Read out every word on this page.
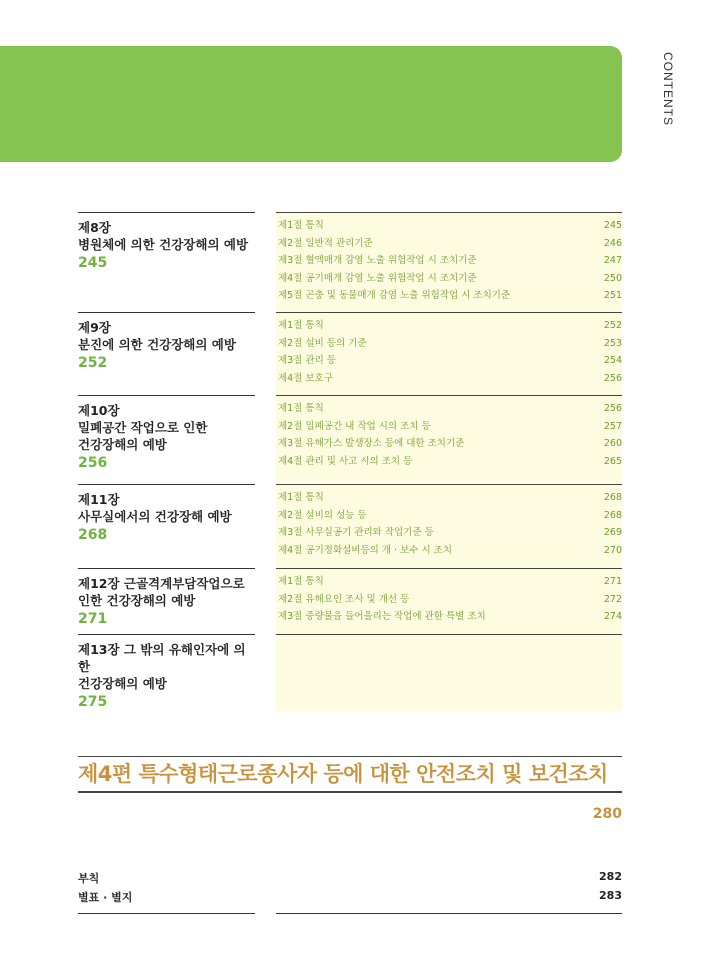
CONTENTS
제8장
병원체에 의한 건강장해의 예방
245
제1절 통칙	245
제2절 일반적 관리기준	246
제3절 혈액매개 감염 노출 위험작업 시 조치기준	247
제4절 공기매개 감염 노출 위험작업 시 조치기준	250
제5절 곤충 및 동물매개 감염 노출 위험작업 시 조치기준	251
제9장
분진에 의한 건강장해의 예방
252
제1절 통칙	252
제2절 설비 등의 기준	253
제3절 관리 등	254
제4절 보호구	256
제10장
밀폐공간 작업으로 인한
건강장해의 예방
256
제1절 통칙	256
제2절 밀폐공간 내 작업 시의 조치 등	257
제3절 유해가스 발생장소 등에 대한 조치기준	260
제4절 관리 및 사고 시의 조치 등	265
제11장
사무실에서의 건강장해 예방
268
제1절 통칙	268
제2절 설비의 성능 등	268
제3절 사무실공기 관리와 작업기준 등	269
제4절 공기정화설비등의 개 · 보수 시 조치	270
제12장 근골격계부담작업으로
인한 건강장해의 예방
271
제1절 통칙	271
제2절 유해요인 조사 및 개선 등	272
제3절 중량물을 들어올리는 작업에 관한 특별 조치	274
제13장 그 밖의 유해인자에 의한
건강장해의 예방
275
제4편 특수형태근로종사자 등에 대한 안전조치 및 보건조치
280
부칙	282
별표 · 별지	283
